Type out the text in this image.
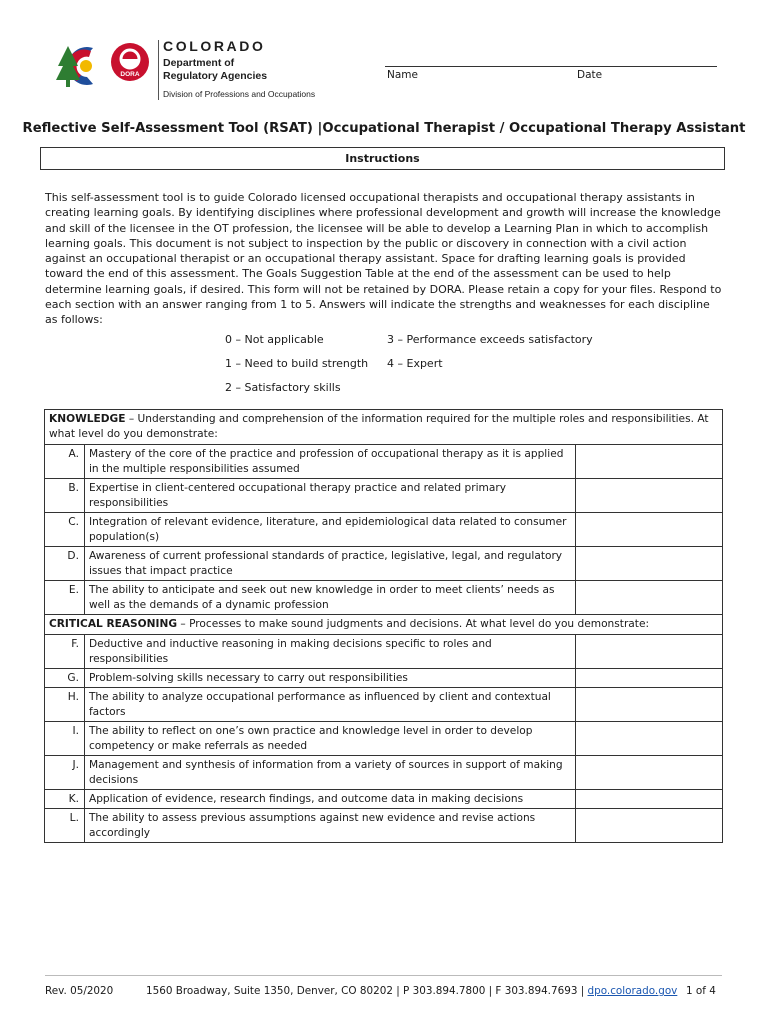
DORA
COLORADO
Department of
Regulatory Agencies
Division of Professions and Occupations
Name	Date
Reflective Self-Assessment Tool (RSAT) |Occupational Therapist / Occupational Therapy Assistant
Instructions
This self-assessment tool is to guide Colorado licensed occupational therapists and occupational therapy assistants in creating learning goals. By identifying disciplines where professional development and growth will increase the knowledge and skill of the licensee in the OT profession, the licensee will be able to develop a Learning Plan in which to accomplish learning goals. This document is not subject to inspection by the public or discovery in connection with a civil action against an occupational therapist or an occupational therapy assistant. Space for drafting learning goals is provided toward the end of this assessment. The Goals Suggestion Table at the end of the assessment can be used to help determine learning goals, if desired. This form will not be retained by DORA. Please retain a copy for your files. Respond to each section with an answer ranging from 1 to 5. Answers will indicate the strengths and weaknesses for each discipline as follows:
0 – Not applicable
1 – Need to build strength
2 – Satisfactory skills
3 – Performance exceeds satisfactory
4 – Expert
KNOWLEDGE – Understanding and comprehension of the information required for the multiple roles and responsibilities. At what level do you demonstrate:		
A.	Mastery of the core of the practice and profession of occupational therapy as it is applied in the multiple responsibilities assumed	
B.	Expertise in client-centered occupational therapy practice and related primary responsibilities	
C.	Integration of relevant evidence, literature, and epidemiological data related to consumer population(s)	
D.	Awareness of current professional standards of practice, legislative, legal, and regulatory issues that impact practice	
E.	The ability to anticipate and seek out new knowledge in order to meet clients’ needs as well as the demands of a dynamic profession	
CRITICAL REASONING – Processes to make sound judgments and decisions. At what level do you demonstrate:		
F.	Deductive and inductive reasoning in making decisions specific to roles and responsibilities	
G.	Problem-solving skills necessary to carry out responsibilities	
H.	The ability to analyze occupational performance as influenced by client and contextual factors	
I.	The ability to reflect on one’s own practice and knowledge level in order to develop competency or make referrals as needed	
J.	Management and synthesis of information from a variety of sources in support of making decisions	
K.	Application of evidence, research findings, and outcome data in making decisions	
L.	The ability to assess previous assumptions against new evidence and revise actions accordingly	
Rev. 05/2020	1560 Broadway, Suite 1350, Denver, CO 80202 | P 303.894.7800 | F 303.894.7693 | dpo.colorado.gov 1 of 4
